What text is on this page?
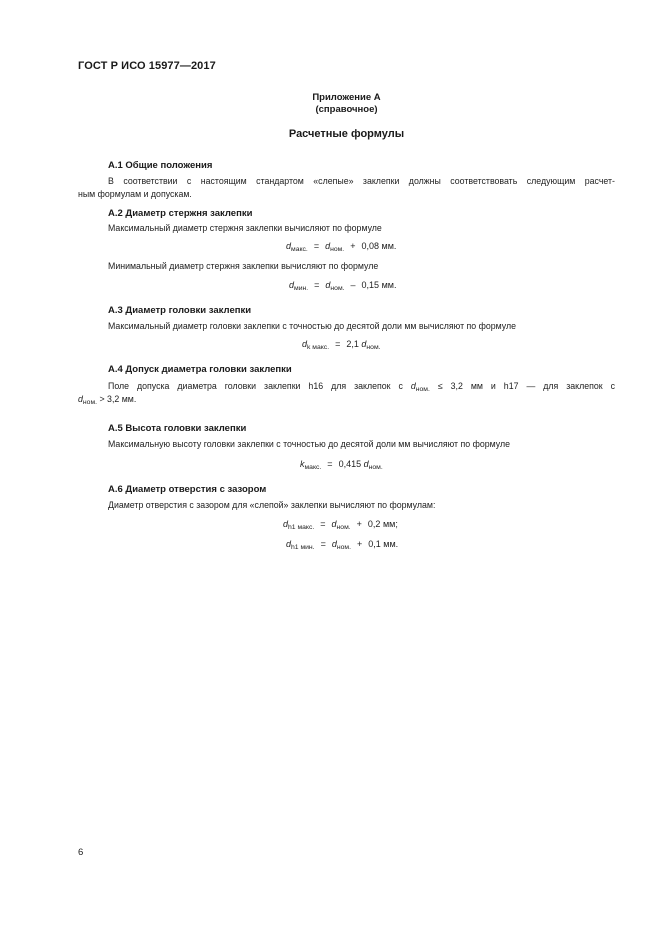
ГОСТ Р ИСО 15977—2017
Приложение А
(справочное)
Расчетные формулы
А.1 Общие положения
В соответствии с настоящим стандартом «слепые» заклепки должны соответствовать следующим расчет-
ным формулам и допускам.
А.2 Диаметр стержня заклепки
Максимальный диаметр стержня заклепки вычисляют по формуле
$d_{макс.} = d_{ном.} + 0,08$ мм.
Минимальный диаметр стержня заклепки вычисляют по формуле
$d_{мин.} = d_{ном.} - 0,15$ мм.
А.3 Диаметр головки заклепки
Максимальный диаметр головки заклепки с точностью до десятой доли мм вычисляют по формуле
$d_{k макс.} = 2,1$ $d_{ном.}$
А.4 Допуск диаметра головки заклепки
Поле допуска диаметра головки заклепки h16 для заклепок с $d_{ном.} \le 3,2$ мм и h17 — для заклепок с
$d_{ном.} > 3,2$ мм.
А.5 Высота головки заклепки
Максимальную высоту головки заклепки с точностью до десятой доли мм вычисляют по формуле
$k_{макс.} = 0,415$ $d_{ном.}$
А.6 Диаметр отверстия с зазором
Диаметр отверстия с зазором для «слепой» заклепки вычисляют по формулам:
$d_{h1 макс.} = d_{ном.} + 0,2$ мм;
$d_{h1 мин.} = d_{ном.} + 0,1$ мм.
6
